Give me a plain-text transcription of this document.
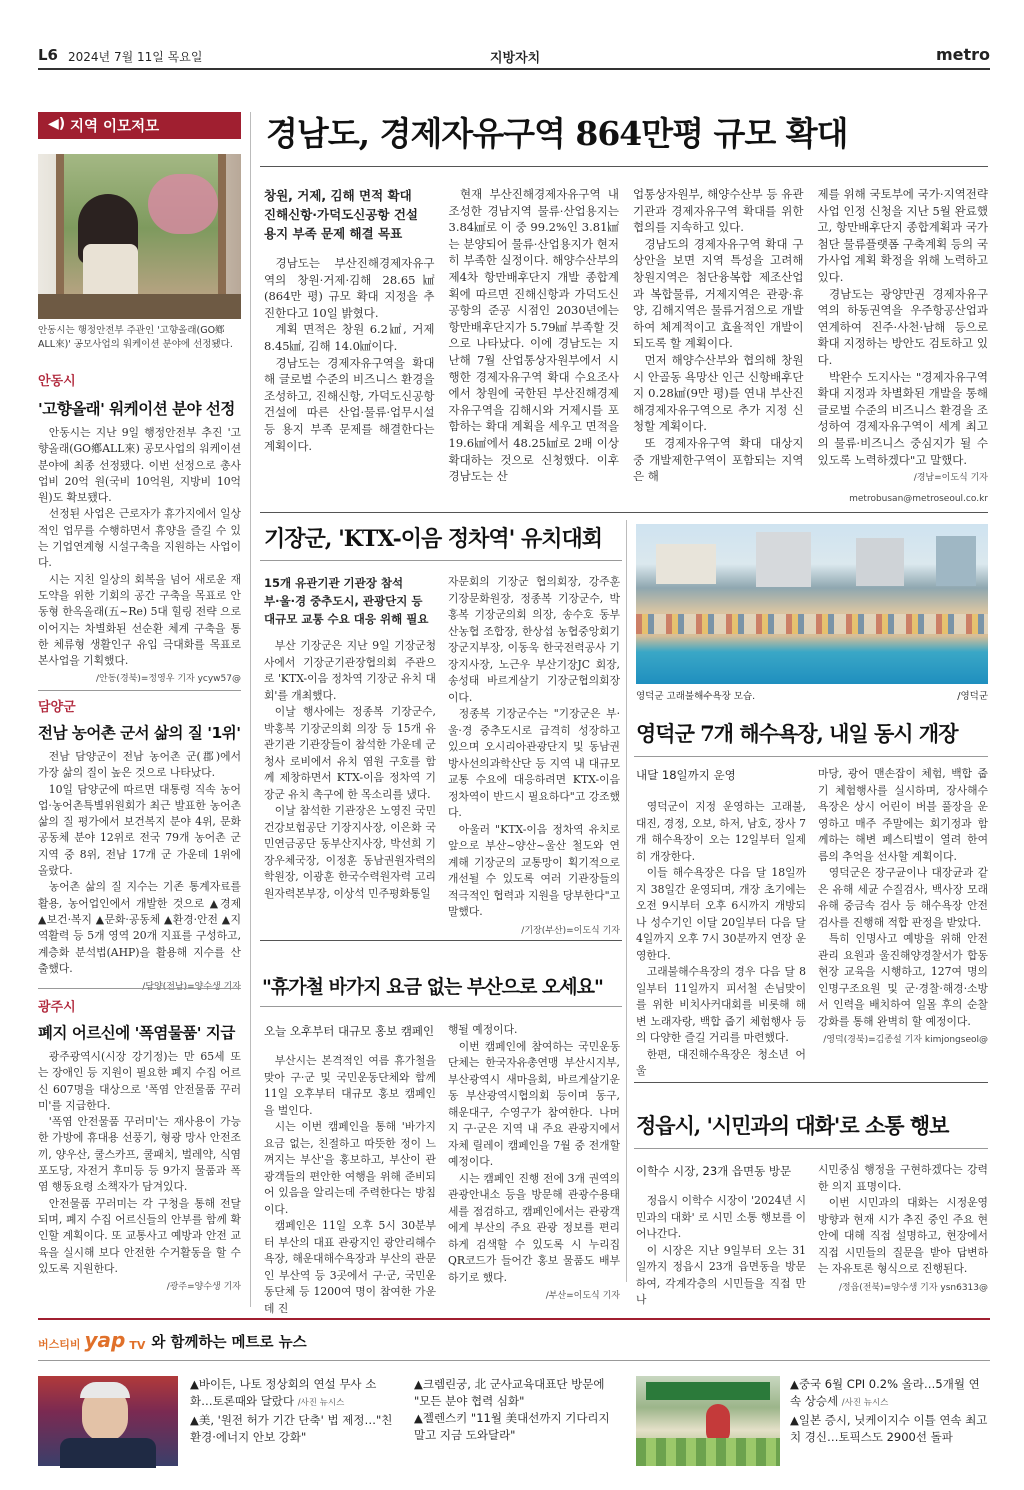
L6 2024년 7월 11일 목요일	지방자치	metro
◀) 지역 이모저모
안동시는 행정안전부 주관인 '고향올래(GO鄕ALL來)' 공모사업의 워케이션 분야에 선정됐다.
안동시
'고향올래' 워케이션 분야 선정

안동시는 지난 9일 행정안전부 추진 '고향올래(GO鄕ALL來) 공모사업의 워케이션 분야에 최종 선정됐다. 이번 선정으로 총사업비 20억 원(국비 10억원, 지방비 10억원)도 확보됐다.

선정된 사업은 근로자가 휴가지에서 일상적인 업무를 수행하면서 휴양을 즐길 수 있는 기업연계형 시설구축을 지원하는 사업이다.

시는 지친 일상의 회복을 넘어 새로운 재도약을 위한 기회의 공간 구축을 목표로 안동형 한옥올래(五~Re) 5대 힐링 전략 으로 이어지는 차별화된 선순환 체계 구축을 통한 체류형 생활인구 유입 극대화를 목표로 본사업을 기획했다.

/안동(경북)=정영우 기자 ycyw57@
담양군
전남 농어촌 군서 삶의 질 '1위'

전남 담양군이 전남 농어촌 군(郡)에서 가장 삶의 질이 높은 것으로 나타났다.

10일 담양군에 따르면 대통령 직속 농어업·농어촌특별위원회가 최근 발표한 농어촌 삶의 질 평가에서 보건복지 분야 4위, 문화공동체 분야 12위로 전국 79개 농어촌 군 지역 중 8위, 전남 17개 군 가운데 1위에 올랐다.

농어촌 삶의 질 지수는 기존 통계자료를 활용, 농어업인에서 개발한 것으로 ▲경제 ▲보건·복지 ▲문화·공동체 ▲환경·안전 ▲지역활력 등 5개 영역 20개 지표를 구성하고, 계층화 분석법(AHP)을 활용해 지수를 산출했다.

광주시
폐지 어르신에 '폭염물품' 지급

광주광역시(시장 강기정)는 만 65세 또는 장애인 등 지원이 필요한 폐지 수집 어르신 607명을 대상으로 '폭염 안전물품 꾸러미'를 지급한다.

'폭염 안전물품 꾸러미'는 재사용이 가능한 가방에 휴대용 선풍기, 형광 망사 안전조끼, 양우산, 쿨스카프, 쿨패치, 벌레약, 식염포도당, 자전거 후미등 등 9가지 물품과 폭염 행동요령 소책자가 담겨있다.

안전물품 꾸러미는 각 구청을 통해 전달되며, 폐지 수집 어르신들의 안부를 함께 확인할 계획이다. 또 교통사고 예방과 안전 교육을 실시해 보다 안전한 수거활동을 할 수 있도록 지원한다.

/광주=양수생 기자
경남도, 경제자유구역 864만평 규모 확대
창원, 거제, 김해 면적 확대
진해신항·가덕도신공항 건설
용지 부족 문제 해결 목표

경남도는 부산진해경제자유구역의 창원·거제·김해 28.65㎢(864만 평) 규모 확대 지정을 추진한다고 10일 밝혔다.

계획 면적은 창원 6.2㎢, 거제 8.45㎢, 김해 14.0㎢이다.

경남도는 경제자유구역을 확대해 글로벌 수준의 비즈니스 환경을 조성하고, 진해신항, 가덕도신공항 건설에 따른 산업·물류·업무시설 등 용지 부족 문제를 해결한다는 계획이다.

현재 부산진해경제자유구역 내 조성한 경남지역 물류·산업용지는 3.84㎢로 이 중 99.2%인 3.81㎢는 분양되어 물류·산업용지가 현저히 부족한 실정이다. 해양수산부의 제4차 항만배후단지 개발 종합계획에 따르면 진해신항과 가덕도신공항의 준공 시점인 2030년에는 항만배후단지가 5.79㎢ 부족할 것으로 나타났다. 이에 경남도는 지난해 7월 산업통상자원부에서 시행한 경제자유구역 확대 수요조사에서 창원에 국한된 부산진해경제자유구역을 김해시와 거제시를 포함하는 확대 계획을 세우고 면적을 19.6㎢에서 48.25㎢로 2배 이상 확대하는 것으로 신청했다. 이후 경남도는 산

업통상자원부, 해양수산부 등 유관기관과 경제자유구역 확대를 위한 협의를 지속하고 있다.

경남도의 경제자유구역 확대 구상안을 보면 지역 특성을 고려해 창원지역은 첨단융복합 제조산업과 복합물류, 거제지역은 관광·휴양, 김해지역은 물류거점으로 개발하여 체계적이고 효율적인 개발이 되도록 할 계획이다.

먼저 해양수산부와 협의해 창원시 안골동 욕망산 인근 신항배후단지 0.28㎢(9만 평)를 연내 부산진해경제자유구역으로 추가 지정 신청할 계획이다.

또 경제자유구역 확대 대상지 중 개발제한구역이 포함되는 지역은 해

제를 위해 국토부에 국가·지역전략사업 인정 신청을 지난 5월 완료했고, 항만배후단지 종합계획과 국가 첨단 물류플랫폼 구축계획 등의 국가사업 계획 확정을 위해 노력하고 있다.

경남도는 광양만권 경제자유구역의 하동권역을 우주항공산업과 연계하여 진주·사천·남해 등으로 확대 지정하는 방안도 검토하고 있다.

박완수 도지사는 "경제자유구역 확대 지정과 차별화된 개발을 통해 글로벌 수준의 비즈니스 환경을 조성하여 경제자유구역이 세계 최고의 물류·비즈니스 중심지가 될 수 있도록 노력하겠다"고 말했다.

/경남=이도식 기자
metrobusan@metroseoul.co.kr
기장군, 'KTX-이음 정차역' 유치대회
15개 유관기관 기관장 참석
부·울·경 중추도시, 관광단지 등
대규모 교통 수요 대응 위해 필요

부산 기장군은 지난 9일 기장군청 사에서 기장군기관장협의회 주관으로 'KTX-이음 정차역 기장군 유치 대회'를 개최했다.

이날 행사에는 정종복 기장군수, 박홍복 기장군의회 의장 등 15개 유관기관 기관장들이 참석한 가운데 군청사 로비에서 유치 염원 구호를 함께 제창하면서 KTX-이음 정차역 기장군 유치 촉구에 한 목소리를 냈다.

이날 참석한 기관장은 노영진 국민건강보험공단 기장지사장, 이은화 국민연금공단 동부산지사장, 박선희 기장우체국장, 이정훈 동남권원자력의학원장, 이광훈 한국수력원자력 고리원자력본부장, 이상석 민주평화통일

자문회의 기장군 협의회장, 강주훈 기장문화원장, 정종복 기장군수, 박홍복 기장군의회 의장, 송수호 동부산농협 조합장, 한상섭 농협중앙회기장군지부장, 이동욱 한국전력공사 기장지사장, 노근우 부산기장JC 회장, 송성태 바르게살기 기장군협의회장이다.

정종복 기장군수는 "기장군은 부·울·경 중추도시로 급격히 성장하고 있으며 오시리아관광단지 및 동남권방사선의과학산단 등 지역 내 대규모 교통 수요에 대응하려면 KTX-이음 정차역이 반드시 필요하다"고 강조했다.

아울러 "KTX-이음 정차역 유치로 앞으로 부산~양산~울산 철도와 연계해 기장군의 교통망이 획기적으로 개선될 수 있도록 여러 기관장들의 적극적인 협력과 지원을 당부한다"고 말했다.

/기장(부산)=이도식 기자
영덕군 고래불해수욕장 모습.	/영덕군
영덕군 7개 해수욕장, 내일 동시 개장
내달 18일까지 운영

영덕군이 지정 운영하는 고래불, 대진, 경정, 오보, 하저, 남호, 장사 7개 해수욕장이 오는 12일부터 일제히 개장한다.

이들 해수욕장은 다음 달 18일까지 38일간 운영되며, 개장 초기에는 오전 9시부터 오후 6시까지 개방되나 성수기인 이달 20일부터 다음 달 4일까지 오후 7시 30분까지 연장 운영한다.

고래불해수욕장의 경우 다음 달 8일부터 11일까지 피서철 손님맞이를 위한 비치사커대회를 비롯해 해변 노래자랑, 백합 줍기 체험행사 등의 다양한 즐길 거리를 마련했다.

한편, 대진해수욕장은 청소년 어울

마당, 광어 맨손잡이 체험, 백합 줍기 체험행사를 실시하며, 장사해수욕장은 상시 어린이 버블 풀장을 운영하고 매주 주말에는 회기정과 함께하는 해변 페스티벌이 열려 한여름의 추억을 선사할 계획이다.

영덕군은 장구균이나 대장균과 같은 유해 세균 수질검사, 백사장 모래 유해 중금속 검사 등 해수욕장 안전검사를 진행해 적합 판정을 받았다.

특히 인명사고 예방을 위해 안전관리 요원과 울진해양경찰서가 합동 현장 교육을 시행하고, 127여 명의 인명구조요원 및 군·경찰·해경·소방서 인력을 배치하여 일몰 후의 순찰 강화를 통해 완벽히 할 예정이다.

/영덕(경북)=김종설 기자 kimjongseol@
"휴가철 바가지 요금 없는 부산으로 오세요"
오늘 오후부터 대규모 홍보 캠페인

부산시는 본격적인 여름 휴가철을 맞아 구·군 및 국민운동단체와 함께 11일 오후부터 대규모 홍보 캠페인을 벌인다.

시는 이번 캠페인을 통해 '바가지요금 없는, 친절하고 따뜻한 정이 느껴지는 부산'을 홍보하고, 부산이 관광객들의 편안한 여행을 위해 준비되어 있음을 알리는데 주력한다는 방침이다.

캠페인은 11일 오후 5시 30분부터 부산의 대표 관광지인 광안리해수욕장, 해운대해수욕장과 부산의 관문인 부산역 등 3곳에서 구·군, 국민운동단체 등 1200여 명이 참여한 가운데 진

행될 예정이다.

이번 캠페인에 참여하는 국민운동단체는 한국자유총연맹 부산시지부, 부산광역시 새마을회, 바르게살기운동 부산광역시협의회 등이며 동구, 해운대구, 수영구가 참여한다. 나머지 구·군은 지역 내 주요 관광지에서 자체 릴레이 캠페인을 7월 중 전개할 예정이다.

시는 캠페인 진행 전에 3개 권역의 관광안내소 등을 방문해 관광수용태세를 점검하고, 캠페인에서는 관광객에게 부산의 주요 관광 정보를 편리하게 검색할 수 있도록 시 누리집 QR코드가 들어간 홍보 물품도 배부하기로 했다.

/부산=이도식 기자
정읍시, '시민과의 대화'로 소통 행보
이학수 시장, 23개 읍면동 방문

정읍시 이학수 시장이 '2024년 시민과의 대화' 로 시민 소통 행보를 이어나간다.

이 시장은 지난 9일부터 오는 31일까지 정읍시 23개 읍면동을 방문하여, 각계각층의 시민들을 직접 만나

시민중심 행정을 구현하겠다는 강력한 의지 표명이다.

이번 시민과의 대화는 시정운영 방향과 현재 시가 추진 중인 주요 현안에 대해 직접 설명하고, 현장에서 직접 시민들의 질문을 받아 답변하는 자유토론 형식으로 진행된다.

/정읍(전북)=양수생 기자 ysn6313@
버스티비 yap TV 와 함께하는 메트로 뉴스
▲바이든, 나토 정상회의 연설 무사 소화…토론때와 달랐다 /사진 뉴시스
▲美, '원전 허가 기간 단축' 법 제정…"친환경·에너지 안보 강화"
▲크렘린궁, 北 군사교육대표단 방문에 "모든 분야 협력 심화"
▲젤렌스키 "11월 美대선까지 기다리지 말고 지금 도와달라"
▲중국 6월 CPI 0.2% 올라…5개월 연속 상승세 /사진 뉴시스
▲일본 증시, 닛케이지수 이틀 연속 최고치 경신…토픽스도 2900선 돌파
